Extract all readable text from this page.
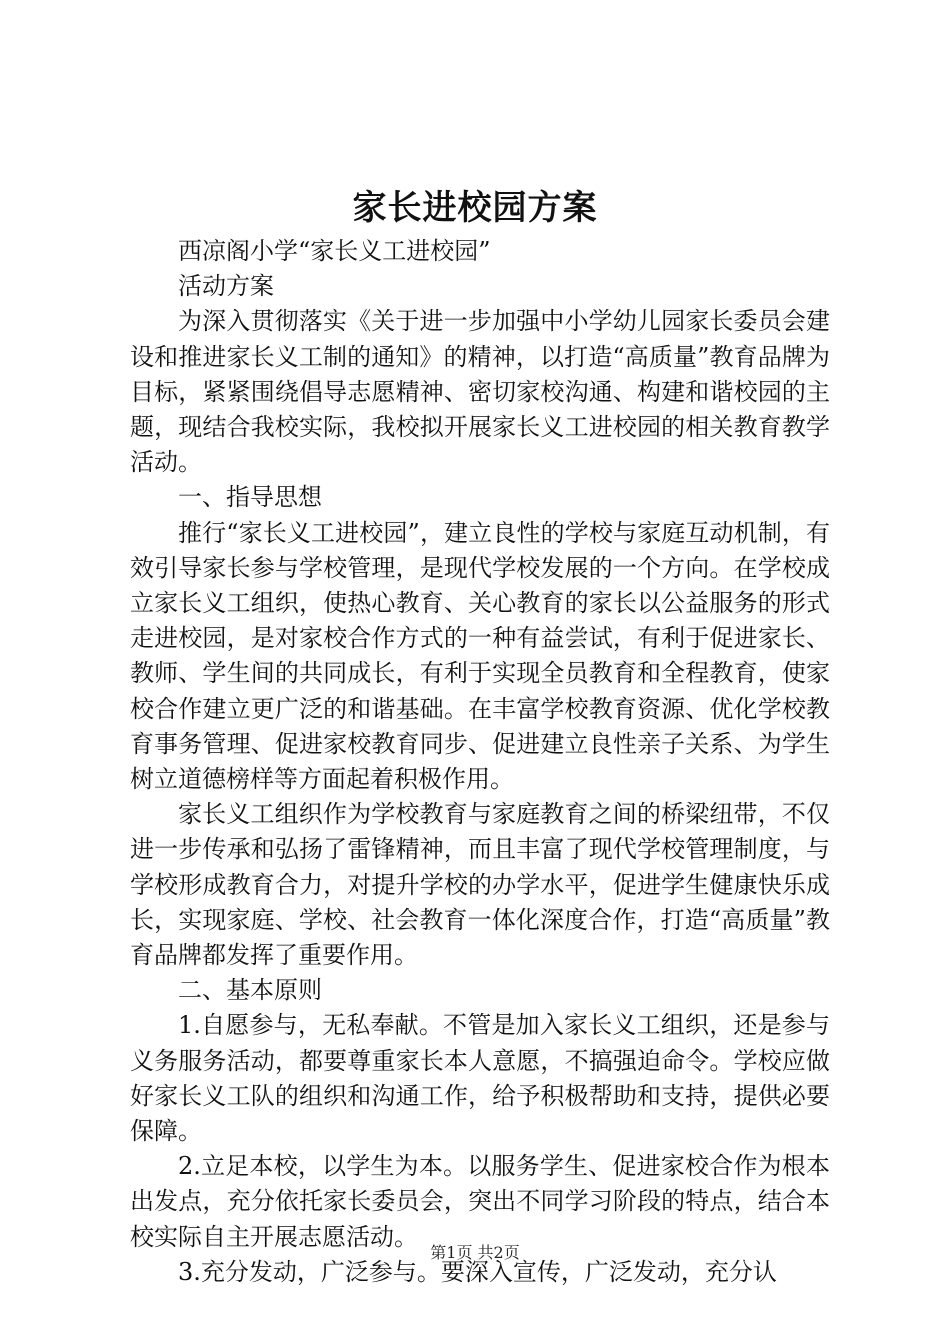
家长进校园方案

西凉阁小学“家长义工进校园”

活动方案

为深入贯彻落实《关于进一步加强中小学幼儿园家长委员会建设和推进家长义工制的通知》的精神，以打造“高质量”教育品牌为目标，紧紧围绕倡导志愿精神、密切家校沟通、构建和谐校园的主题，现结合我校实际，我校拟开展家长义工进校园的相关教育教学活动。

一、指导思想

推行“家长义工进校园”，建立良性的学校与家庭互动机制，有效引导家长参与学校管理，是现代学校发展的一个方向。在学校成立家长义工组织，使热心教育、关心教育的家长以公益服务的形式走进校园，是对家校合作方式的一种有益尝试，有利于促进家长、教师、学生间的共同成长，有利于实现全员教育和全程教育，使家校合作建立更广泛的和谐基础。在丰富学校教育资源、优化学校教育事务管理、促进家校教育同步、促进建立良性亲子关系、为学生树立道德榜样等方面起着积极作用。

家长义工组织作为学校教育与家庭教育之间的桥梁纽带，不仅进一步传承和弘扬了雷锋精神，而且丰富了现代学校管理制度，与学校形成教育合力，对提升学校的办学水平，促进学生健康快乐成长，实现家庭、学校、社会教育一体化深度合作，打造“高质量”教育品牌都发挥了重要作用。

二、基本原则

1.自愿参与，无私奉献。不管是加入家长义工组织，还是参与义务服务活动，都要尊重家长本人意愿，不搞强迫命令。学校应做好家长义工队的组织和沟通工作，给予积极帮助和支持，提供必要保障。

2.立足本校，以学生为本。以服务学生、促进家校合作为根本出发点，充分依托家长委员会，突出不同学习阶段的特点，结合本校实际自主开展志愿活动。

3.充分发动，广泛参与。要深入宣传，广泛发动，充分认

第1页 共2页
